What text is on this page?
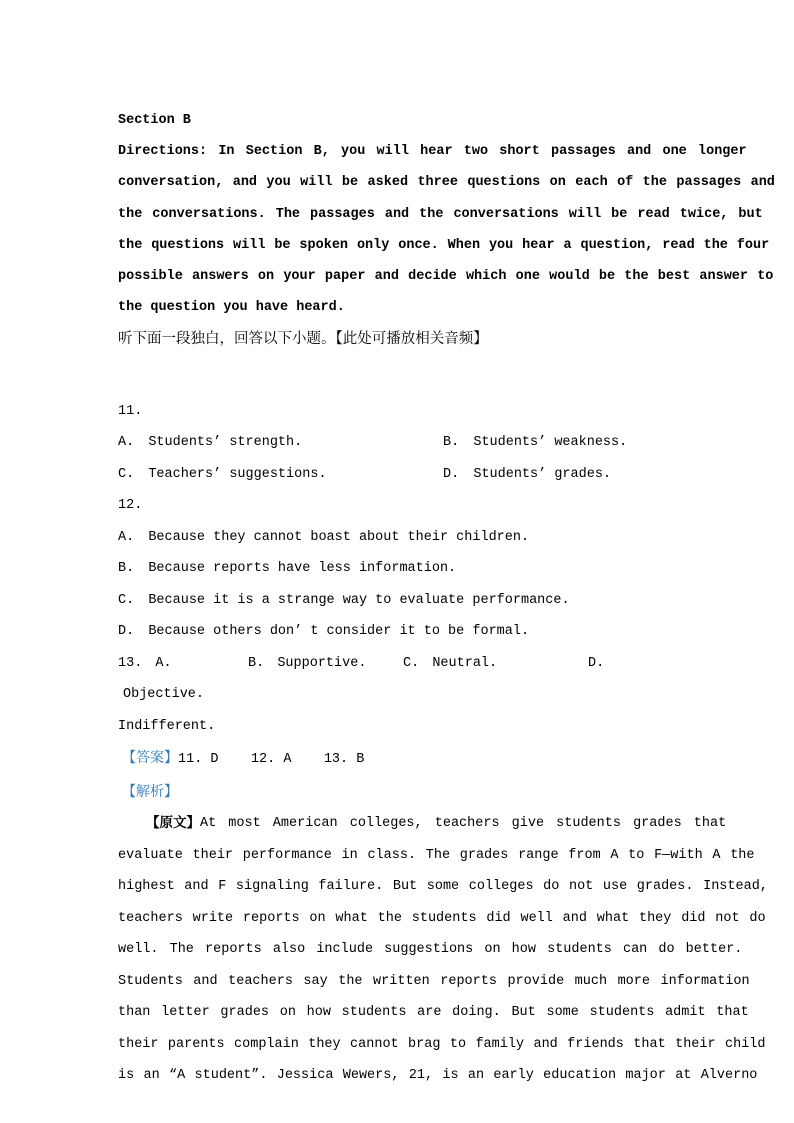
Section B
Directions: In Section B, you will hear two short passages and one longer
conversation, and you will be asked three questions on each of the passages and
the conversations. The passages and the conversations will be read twice, but
the questions will be spoken only once. When you hear a question, read the four
possible answers on your paper and decide which one would be the best answer to
the question you have heard.
听下面一段独白，回答以下小题。【此处可播放相关音频】
11.
A. Students’ strength.	B. Students’ weakness.
C. Teachers’ suggestions.	D. Students’ grades.
12.
A. Because they cannot boast about their children.
B. Because reports have less information.
C. Because it is a strange way to evaluate performance.
D. Because others don’ t consider it to be formal.
13. A. Objective.
B. Supportive.	C. Neutral.	D.
Indifferent.
【答案】11. D    12. A    13. B
【解析】
【原文】 At most American colleges, teachers give students grades that
evaluate their performance in class. The grades range from A to F—with A the
highest and F signaling failure. But some colleges do not use grades. Instead,
teachers write reports on what the students did well and what they did not do
well. The reports also include suggestions on how students can do better.
Students and teachers say the written reports provide much more information
than letter grades on how students are doing. But some students admit that
their parents complain they cannot brag to family and friends that their child
is an “A student”. Jessica Wewers, 21, is an early education major at Alverno
